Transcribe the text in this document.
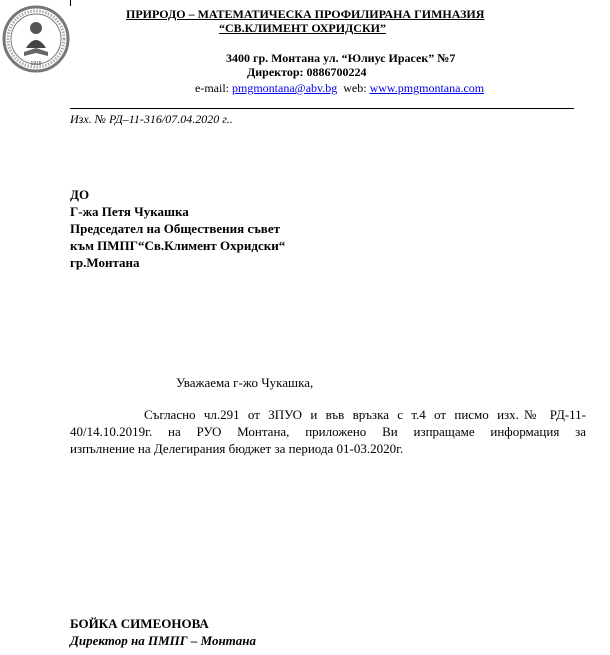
1915
ПРИРОДО – МАТЕМАТИЧЕСКА ПРОФИЛИРАНА ГИМНАЗИЯ
“СВ.КЛИМЕНТ ОХРИДСКИ”
3400 гр. Монтана ул. “Юлиус Ирасек” №7
Директор: 0886700224
e-mail: pmgmontana@abv.bg  web: www.pmgmontana.com
Изх. № РД–11-316/07.04.2020 г..
ДО
Г-жа Петя Чукашка
Председател на Обществения съвет
към ПМПГ“Св.Климент Охридски“
гр.Монтана
Уважаема г-жо Чукашка,
Съгласно чл.291 от ЗПУО и във връзка с т.4 от писмо изх.№ РД-11-
40/14.10.2019г. на РУО Монтана, приложено Ви изпращаме информация за
изпълнение на Делегирания бюджет за периода 01-03.2020г.
БОЙКА СИМЕОНОВА
Директор на ПМПГ – Монтана
